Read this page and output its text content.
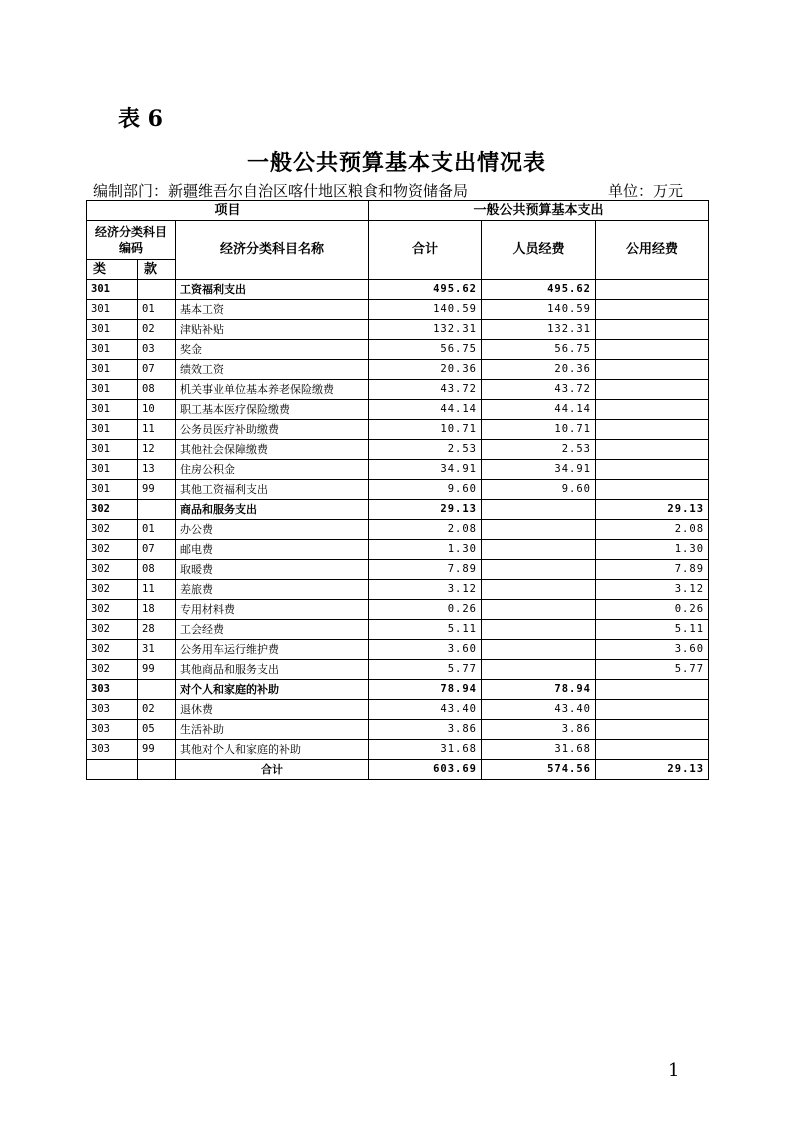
表 6
一般公共预算基本支出情况表
编制部门：新疆维吾尔自治区喀什地区粮食和物资储备局	单位：万元
项目			一般公共预算基本支出		
经济分类科目编码		经济分类科目名称	合计	人员经费	公用经费
类	款				
301		工资福利支出	495.62	495.62	
301	01	基本工资	140.59	140.59	
301	02	津贴补贴	132.31	132.31	
301	03	奖金	56.75	56.75	
301	07	绩效工资	20.36	20.36	
301	08	机关事业单位基本养老保险缴费	43.72	43.72	
301	10	职工基本医疗保险缴费	44.14	44.14	
301	11	公务员医疗补助缴费	10.71	10.71	
301	12	其他社会保障缴费	2.53	2.53	
301	13	住房公积金	34.91	34.91	
301	99	其他工资福利支出	9.60	9.60	
302		商品和服务支出	29.13		29.13
302	01	办公费	2.08		2.08
302	07	邮电费	1.30		1.30
302	08	取暖费	7.89		7.89
302	11	差旅费	3.12		3.12
302	18	专用材料费	0.26		0.26
302	28	工会经费	5.11		5.11
302	31	公务用车运行维护费	3.60		3.60
302	99	其他商品和服务支出	5.77		5.77
303		对个人和家庭的补助	78.94	78.94	
303	02	退休费	43.40	43.40	
303	05	生活补助	3.86	3.86	
303	99	其他对个人和家庭的补助	31.68	31.68	
		合计	603.69	574.56	29.13
1
